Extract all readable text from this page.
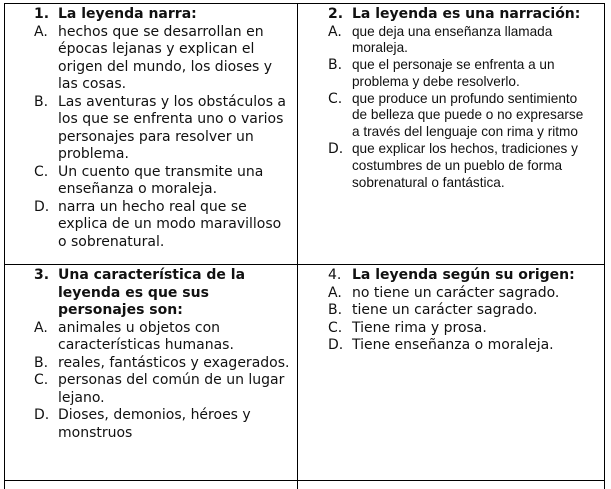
1. La leyenda narra:
A. hechos que se desarrollan en épocas lejanas y explican el origen del mundo, los dioses y las cosas.
B. Las aventuras y los obstáculos a los que se enfrenta uno o varios personajes para resolver un problema.
C. Un cuento que transmite una enseñanza o moraleja.
D. narra un hecho real que se explica de un modo maravilloso o sobrenatural.
2. La leyenda es una narración:
A. que deja una enseñanza llamada moraleja.
B. que el personaje se enfrenta a un problema y debe resolverlo.
C. que produce un profundo sentimiento de belleza que puede o no expresarse a través del lenguaje con rima y ritmo
D. que explicar los hechos, tradiciones y costumbres de un pueblo de forma sobrenatural o fantástica.
3. Una característica de la leyenda es que sus personajes son:
A. animales u objetos con características humanas.
B. reales, fantásticos y exagerados.
C. personas del común de un lugar lejano.
D. Dioses, demonios, héroes y monstruos
4. La leyenda según su origen:
A. no tiene un carácter sagrado.
B. tiene un carácter sagrado.
C. Tiene rima y prosa.
D. Tiene enseñanza o moraleja.
